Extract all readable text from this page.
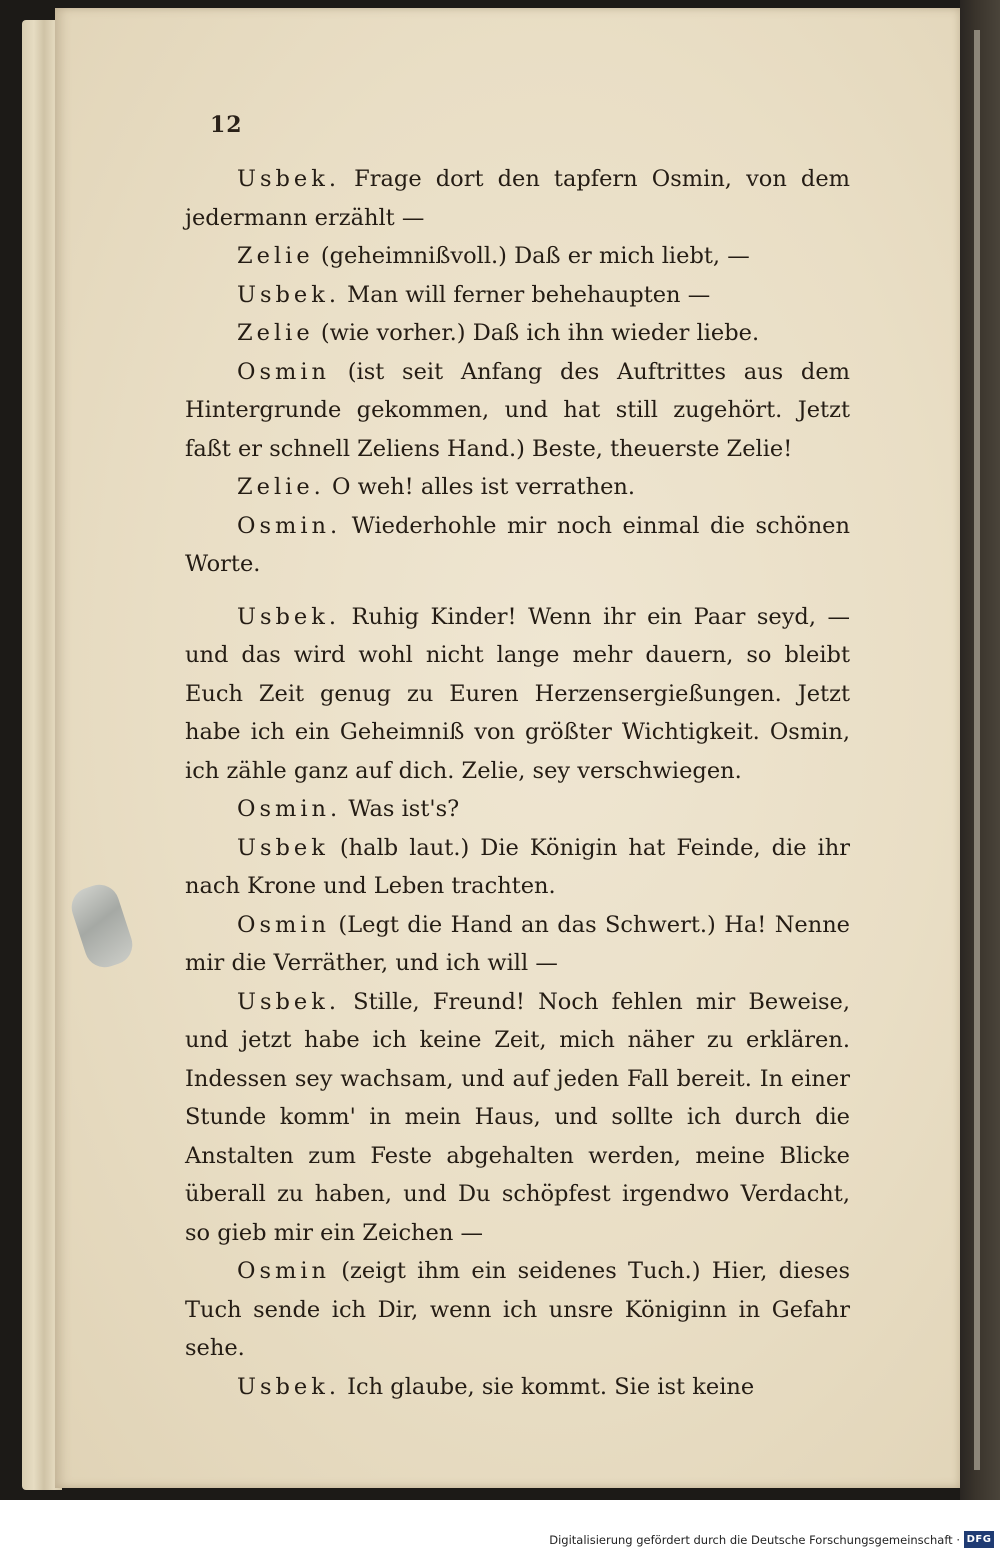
12

Usbek. Frage dort den tapfern Osmin, von dem jedermann erzählt —

Zelie (geheimnißvoll.) Daß er mich liebt, —

Usbek. Man will ferner behehaupten —

Zelie (wie vorher.) Daß ich ihn wieder liebe.

Osmin (ist seit Anfang des Auftrittes aus dem Hintergrunde gekommen, und hat still zugehört. Jetzt faßt er schnell Zeliens Hand.) Beste, theuerste Zelie!

Zelie. O weh! alles ist verrathen.

Osmin. Wiederhohle mir noch einmal die schönen Worte.

Usbek. Ruhig Kinder! Wenn ihr ein Paar seyd, — und das wird wohl nicht lange mehr dauern, so bleibt Euch Zeit genug zu Euren Herzensergießungen. Jetzt habe ich ein Geheimniß von größter Wichtigkeit. Osmin, ich zähle ganz auf dich. Zelie, sey verschwiegen.

Osmin. Was ist's?

Usbek (halb laut.) Die Königin hat Feinde, die ihr nach Krone und Leben trachten.

Osmin (Legt die Hand an das Schwert.) Ha! Nenne mir die Verräther, und ich will —

Usbek. Stille, Freund! Noch fehlen mir Beweise, und jetzt habe ich keine Zeit, mich näher zu erklären. Indessen sey wachsam, und auf jeden Fall bereit. In einer Stunde komm' in mein Haus, und sollte ich durch die Anstalten zum Feste abgehalten werden, meine Blicke überall zu haben, und Du schöpfest irgendwo Verdacht, so gieb mir ein Zeichen —

Osmin (zeigt ihm ein seidenes Tuch.) Hier, dieses Tuch sende ich Dir, wenn ich unsre Königinn in Gefahr sehe.

Usbek. Ich glaube, sie kommt. Sie ist keine

Digitalisierung gefördert durch die Deutsche Forschungsgemeinschaft · DFG
